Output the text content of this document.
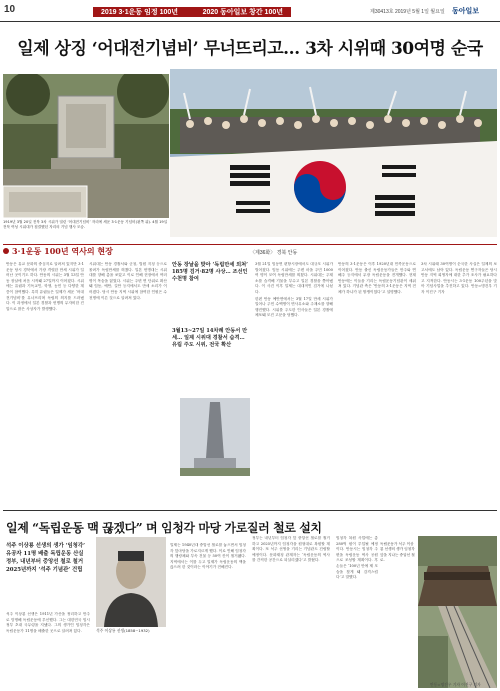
10	2019 3·1운동 임정 100년	2020 동아일보 창간 100년	제30413호 2019년 5월 1일 월요일 동아일보
일제 상징 ‘어대전기념비’ 무너뜨리고… 3차 시위때 30여명 순국
1919년 3월 20일 전북 3차 시위가 열린 ‘어대전기념비’ 자리에 세운 3·1운동 기념비(왼쪽 위). 4월 19일 전북 여성 시위대가 집결했던 자리의 기념 행사 모습.
3·1운동 100년 역사의 현장	〈제36화〉 경북 안동

안동은 유교 문화의 중심지로 알려져 있지만 3·1운동 당시 경북에서 가장 격렬한 만세 시위가 일어난 곳이기도 하다. 안동의 시위는 3월 13일 안동 장날에 처음 시작돼 27일까지 이어졌다. 시위에는 유림과 기독교인, 학생, 농민 등 다양한 계층이 참여했다. 특히 유림들은 일제가 세운 ‘어대전기념비’를 무너뜨리며 독립의 의지를 드러냈다. 이 과정에서 일본 경찰과 헌병의 무자비한 진압으로 많은 사상자가 발생했다.

시위대는 안동 경찰서와 군청, 법원 지청 등으로 몰려가 독립만세를 외쳤다. 일본 헌병대는 시위대를 향해 총을 쏘았고 이로 인해 현장에서 여러 명이 목숨을 잃었다. 시위는 주변 면 단위로 확산돼 임동, 예안, 길안 등지에서도 만세 소리가 이어졌다. 당시 안동 지역 시위에 참여한 인원은 수천명에 이른 것으로 알려져 있다.

안동 장날을 맞아 ‘독립만세 외쳐’ 185명 검거·82명 사상… 조선인 수천명 참여
3월13~27일 14차례 안동서 만세… 일제 시위대 경찰서 습격… 유림 주도 시위, 전국 확산

3월 21일 임동면 편항시장에서도 대규모 시위가 벌어졌다. 임동 시위에는 주변 마을 주민 1000여 명이 모여 독립만세를 외쳤다. 시위대는 주재소를 습격해 기물을 부수고 일본 경찰을 쫓아냈다. 이 사건 이후 일제는 대대적인 검거에 나섰다.

한편 안동 예안면에서는 3월 17일 만세 시위가 일어나 주민 수백명이 면사무소와 주재소를 향해 행진했다. 시위를 주도한 인사들은 일본 경찰에 체포돼 모진 고문을 당했다.

안동의 3·1운동은 이후 1920년대 민족운동으로 이어졌다. 안동 출신 독립운동가들은 만주와 연해주 등지에서 무장 독립운동을 전개했다. 현재 안동에는 이들을 기리는 독립운동기념관이 세워져 있다. 기념관 측은 ‘안동의 3·1운동은 지역 전체가 하나가 된 항쟁이었다’고 설명했다.

3차 시위때 30여명이 순국한 사실은 일제의 보고서에도 남아 있다. 독립운동 연구자들은 당시 안동 지역 희생자에 대한 추가 조사가 필요하다고 지적한다. 안동시는 3·1운동 100주년을 맞아 기념사업을 추진하고 있다. 안동=명건우 기자 이진구 기자

일제 “독립운동 맥 끊겠다” 며 임청각 마당 가로질러 철로 설치
석주 이상룡 선생의 생가 ‘임청각’ 유공자 11명 배출 독립운동 산실 정부, 내년부터 중앙선 철로 철거 2025년까지 ‘석주 기념관’ 건립

석주 이상룡 선생은 1911년 가산을 정리하고 만주로 망명해 독립운동에 투신했다. 그는 대한민국 임시정부 초대 국무령을 지냈다. 그의 생가인 임청각은 독립운동가 11명을 배출한 곳으로 알려져 있다.	석주 이상룡 선생(1858~1932)

일제는 1940년대 중앙선 철로를 놓으면서 임청각 앞마당을 가로지르게 했다. 이로 인해 임청각의 행랑채와 부속 건물 등 50여 칸이 철거됐다. 지역에서는 이를 두고 일제가 독립운동의 맥을 끊으려 한 것이라는 이야기가 전해진다.

정부는 내년부터 임청각 앞 중앙선 철로를 철거하고 2025년까지 임청각을 원형대로 복원할 계획이다. 또 석주 선생을 기리는 기념관도 건립할 예정이다. 문화재청 관계자는 ‘독립운동의 역사를 간직한 공간으로 되살리겠다’고 밝혔다.

임청각 복원 사업에는 총 280억 원이 투입될 예정이다. 안동시는 임청각 주변을 독립운동 역사 공원으로 조성할 계획이다. 후손들은 ‘100년 만에 제 모습을 찾게 돼 감격스럽다’고 말했다.

독립운동가 석주 이상룡 선생의 생가 임청각 앞을 지나는 중앙선 철로.
안동=명건우 기자 이진구 기자
